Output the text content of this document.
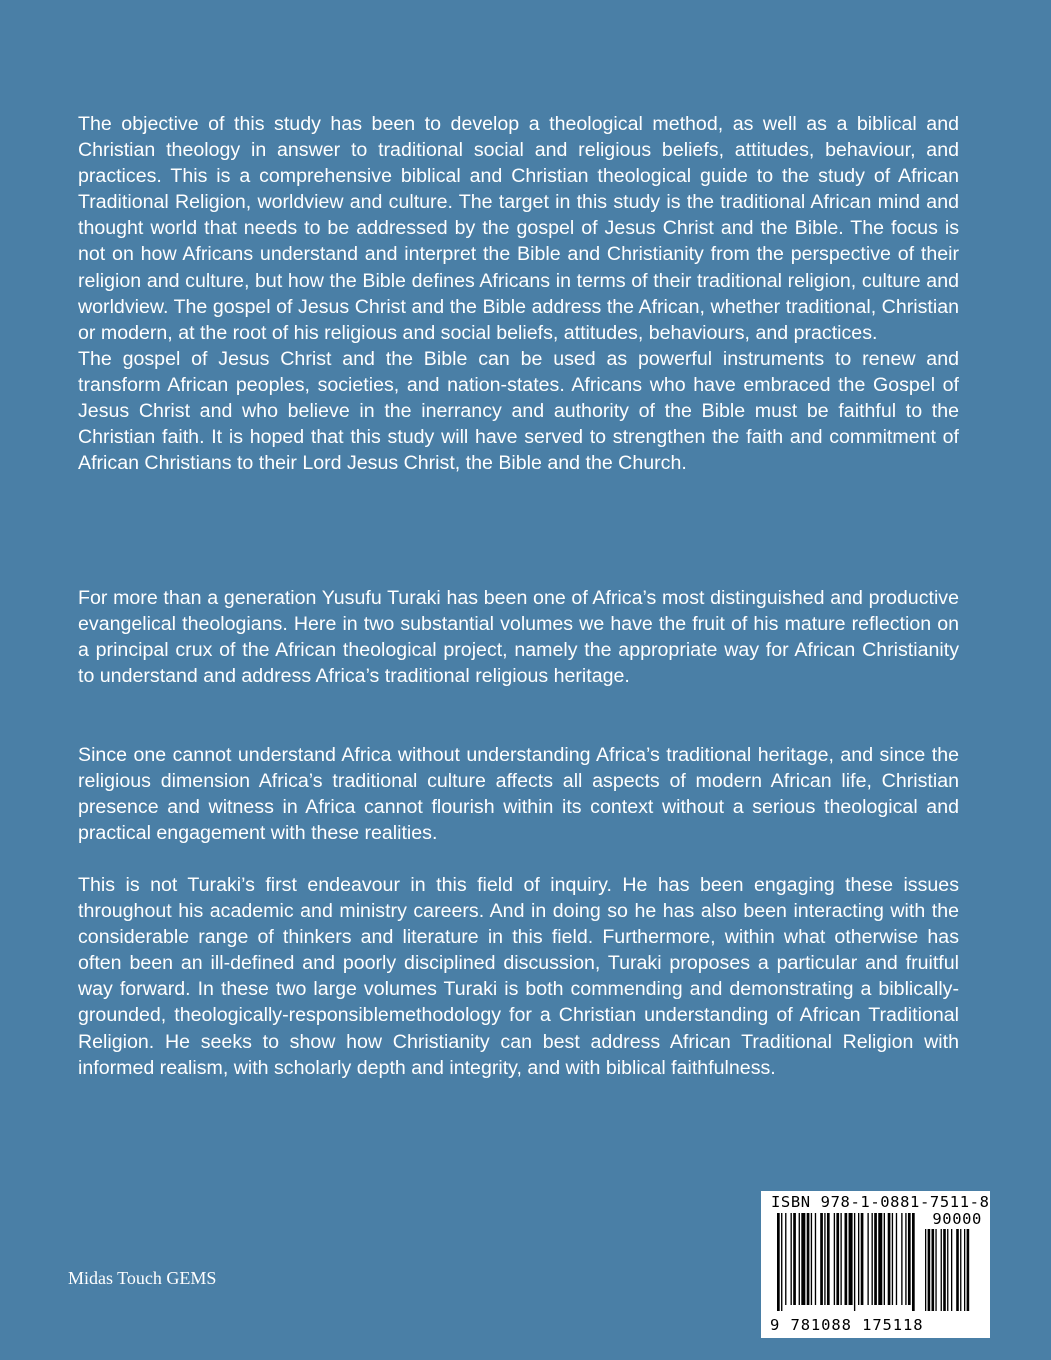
The objective of this study has been to develop a theological method, as well as a biblical and Christian theology in answer to traditional social and religious beliefs, attitudes, behaviour, and practices. This is a comprehensive biblical and Christian theological guide to the study of African Traditional Religion, worldview and culture. The target in this study is the traditional African mind and thought world that needs to be addressed by the gospel of Jesus Christ and the Bible. The focus is not on how Africans understand and interpret the Bible and Christianity from the perspective of their religion and culture, but how the Bible defines Africans in terms of their traditional religion, culture and worldview. The gospel of Jesus Christ and the Bible address the African, whether traditional, Christian or modern, at the root of his religious and social beliefs, attitudes, behaviours, and practices.

The gospel of Jesus Christ and the Bible can be used as powerful instruments to renew and transform African peoples, societies, and nation-states. Africans who have embraced the Gospel of Jesus Christ and who believe in the inerrancy and authority of the Bible must be faithful to the Christian faith. It is hoped that this study will have served to strengthen the faith and commitment of African Christians to their Lord Jesus Christ, the Bible and the Church.

For more than a generation Yusufu Turaki has been one of Africa’s most distinguished and productive evangelical theologians. Here in two substantial volumes we have the fruit of his mature reflection on a principal crux of the African theological project, namely the appropriate way for African Christianity to understand and address Africa’s traditional religious heritage.

Since one cannot understand Africa without understanding Africa’s traditional heritage, and since the religious dimension Africa’s traditional culture affects all aspects of modern African life, Christian presence and witness in Africa cannot flourish within its context without a serious theological and practical engagement with these realities.

This is not Turaki’s first endeavour in this field of inquiry. He has been engaging these issues throughout his academic and ministry careers. And in doing so he has also been interacting with the considerable range of thinkers and literature in this field. Furthermore, within what otherwise has often been an ill-defined and poorly disciplined discussion, Turaki proposes a particular and fruitful way forward. In these two large volumes Turaki is both commending and demonstrating a biblically-grounded, theologically-responsiblemethodology for a Christian understanding of African Traditional Religion. He seeks to show how Christianity can best address African Traditional Religion with informed realism, with scholarly depth and integrity, and with biblical faithfulness.

Midas Touch GEMS
ISBN 978-1-0881-7511-8
90000
9 781088 175118
